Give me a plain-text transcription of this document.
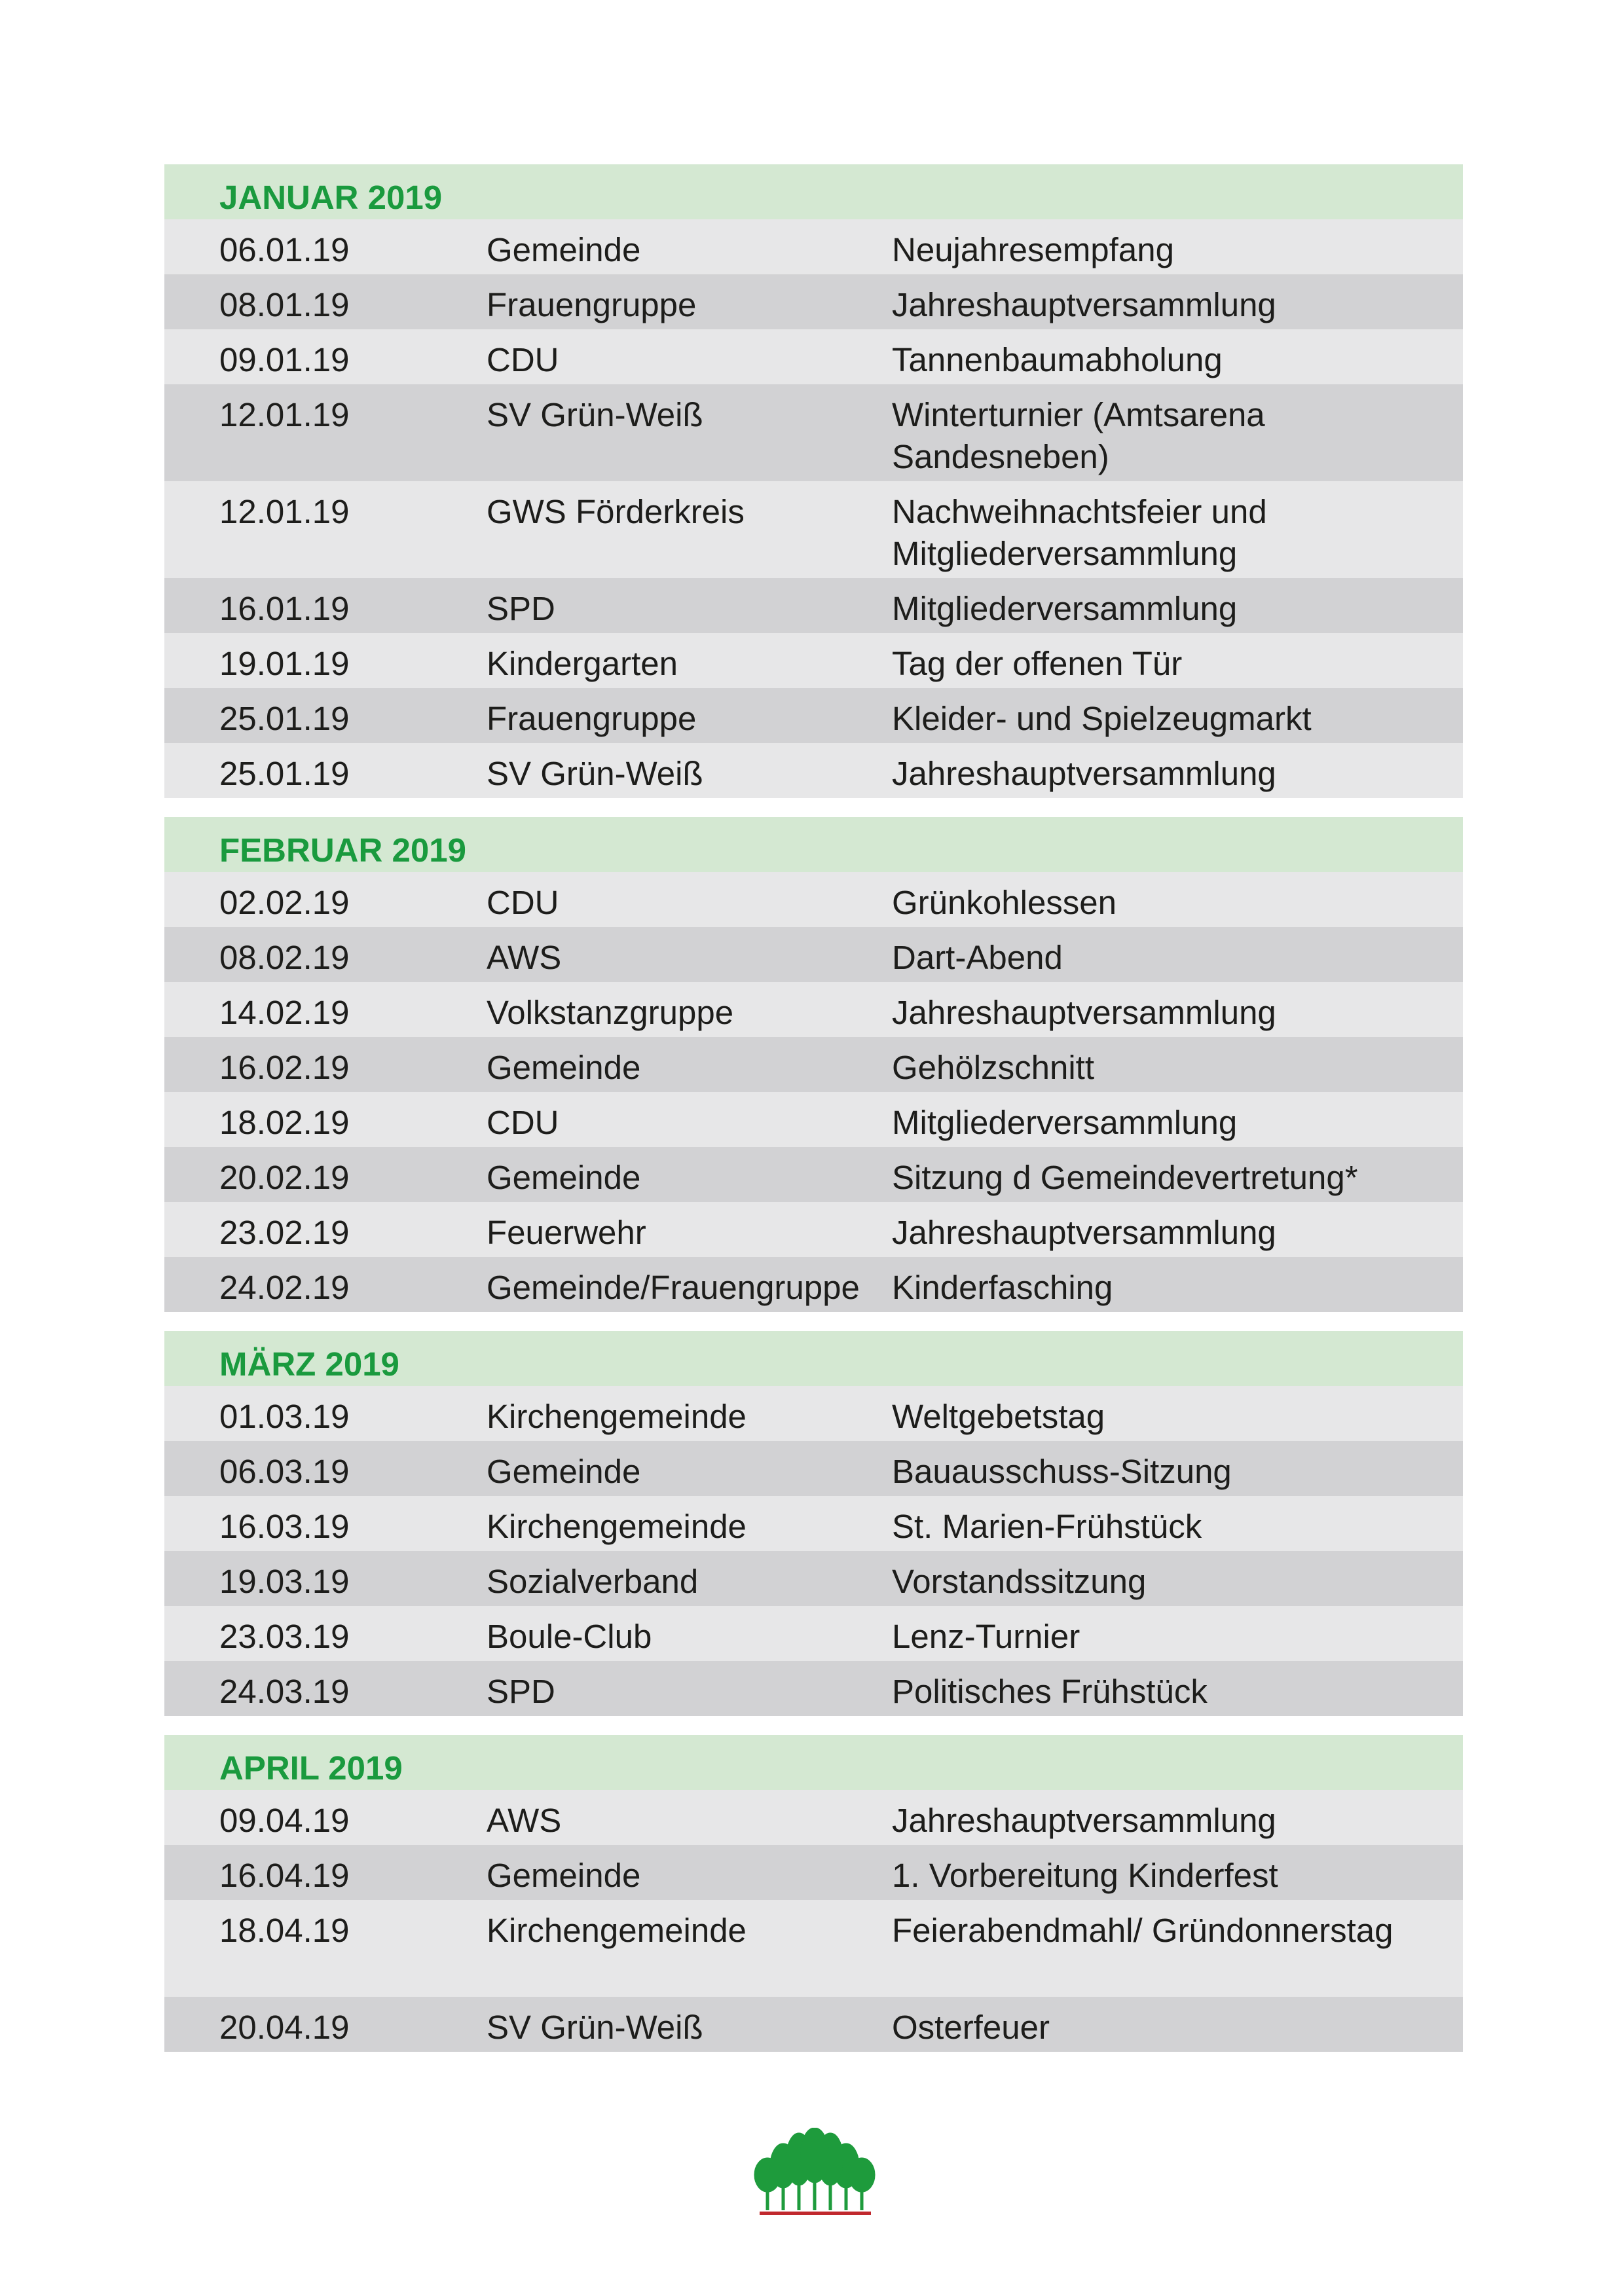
JANUAR 2019
06.01.19	Gemeinde	Neujahresempfang
08.01.19	Frauengruppe	Jahreshauptversammlung
09.01.19	CDU	Tannenbaumabholung
12.01.19	SV Grün-Weiß	Winterturnier (Amtsarena Sandesneben)
12.01.19	GWS Förderkreis	Nachweihnachtsfeier und Mitgliederversammlung
16.01.19	SPD	Mitgliederversammlung
19.01.19	Kindergarten	Tag der offenen Tür
25.01.19	Frauengruppe	Kleider- und Spielzeugmarkt
25.01.19	SV Grün-Weiß	Jahreshauptversammlung
FEBRUAR 2019
02.02.19	CDU	Grünkohlessen
08.02.19	AWS	Dart-Abend
14.02.19	Volkstanzgruppe	Jahreshauptversammlung
16.02.19	Gemeinde	Gehölzschnitt
18.02.19	CDU	Mitgliederversammlung
20.02.19	Gemeinde	Sitzung d Gemeindevertretung*
23.02.19	Feuerwehr	Jahreshauptversammlung
24.02.19	Gemeinde/Frauengruppe Kinderfasching
MÄRZ 2019
01.03.19	Kirchengemeinde	Weltgebetstag
06.03.19	Gemeinde	Bauausschuss-Sitzung
16.03.19	Kirchengemeinde	St. Marien-Frühstück
19.03.19	Sozialverband	Vorstandssitzung
23.03.19	Boule-Club	Lenz-Turnier
24.03.19	SPD	Politisches Frühstück
APRIL 2019
09.04.19	AWS	Jahreshauptversammlung
16.04.19	Gemeinde	1. Vorbereitung Kinderfest
18.04.19	Kirchengemeinde	Feierabendmahl/ Gründonnerstag
20.04.19	SV Grün-Weiß	Osterfeuer
